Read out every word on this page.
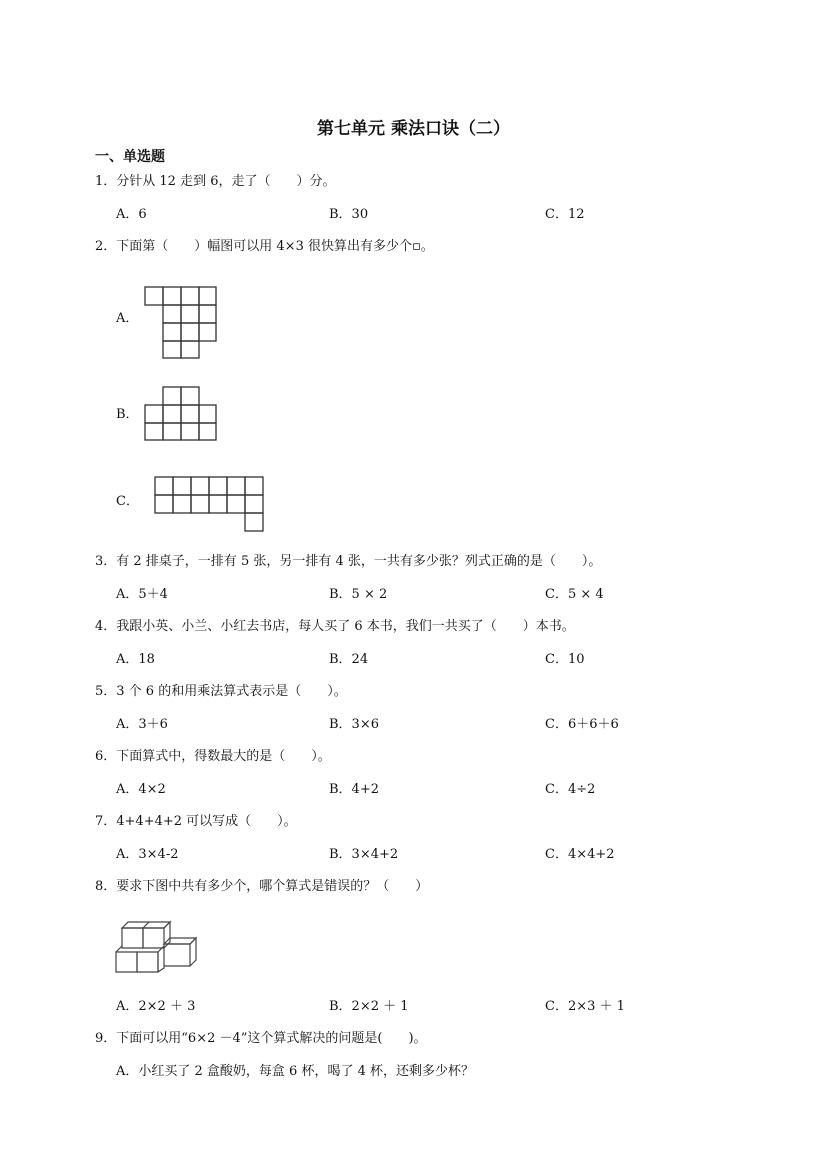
第七单元 乘法口诀（二）
一、单选题
1．分针从 12 走到 6，走了（　　）分。
A．6	B．30	C．12
2．下面第（　　）幅图可以用 4×3 很快算出有多少个▫。
A．
B．
C．
3．有 2 排桌子，一排有 5 张，另一排有 4 张，一共有多少张？列式正确的是（　　）。
A．5＋4	B．5 × 2	C．5 × 4
4．我跟小英、小兰、小红去书店，每人买了 6 本书，我们一共买了（　　）本书。
A．18	B．24	C．10
5．3 个 6 的和用乘法算式表示是（　　）。
A．3＋6	B．3×6	C．6＋6＋6
6．下面算式中，得数最大的是（　　）。
A．4×2	B．4+2	C．4÷2
7．4+4+4+2 可以写成（　　）。
A．3×4-2	B．3×4+2	C．4×4+2
8．要求下图中共有多少个，哪个算式是错误的？（　　）
A．2×2 ＋ 3	B．2×2 ＋ 1	C．2×3 ＋ 1
9．下面可以用“6×2 －4”这个算式解决的问题是(　　)。
A．小红买了 2 盒酸奶，每盒 6 杯，喝了 4 杯，还剩多少杯？
